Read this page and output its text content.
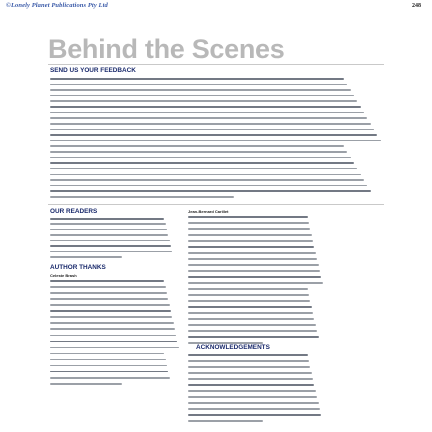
©Lonely Planet Publications Pty Ltd	248
Behind the Scenes
SEND US YOUR FEEDBACK
OUR READERS
AUTHOR THANKS
Celeste Brash
Jean-Bernard Carillet
ACKNOWLEDGEMENTS
